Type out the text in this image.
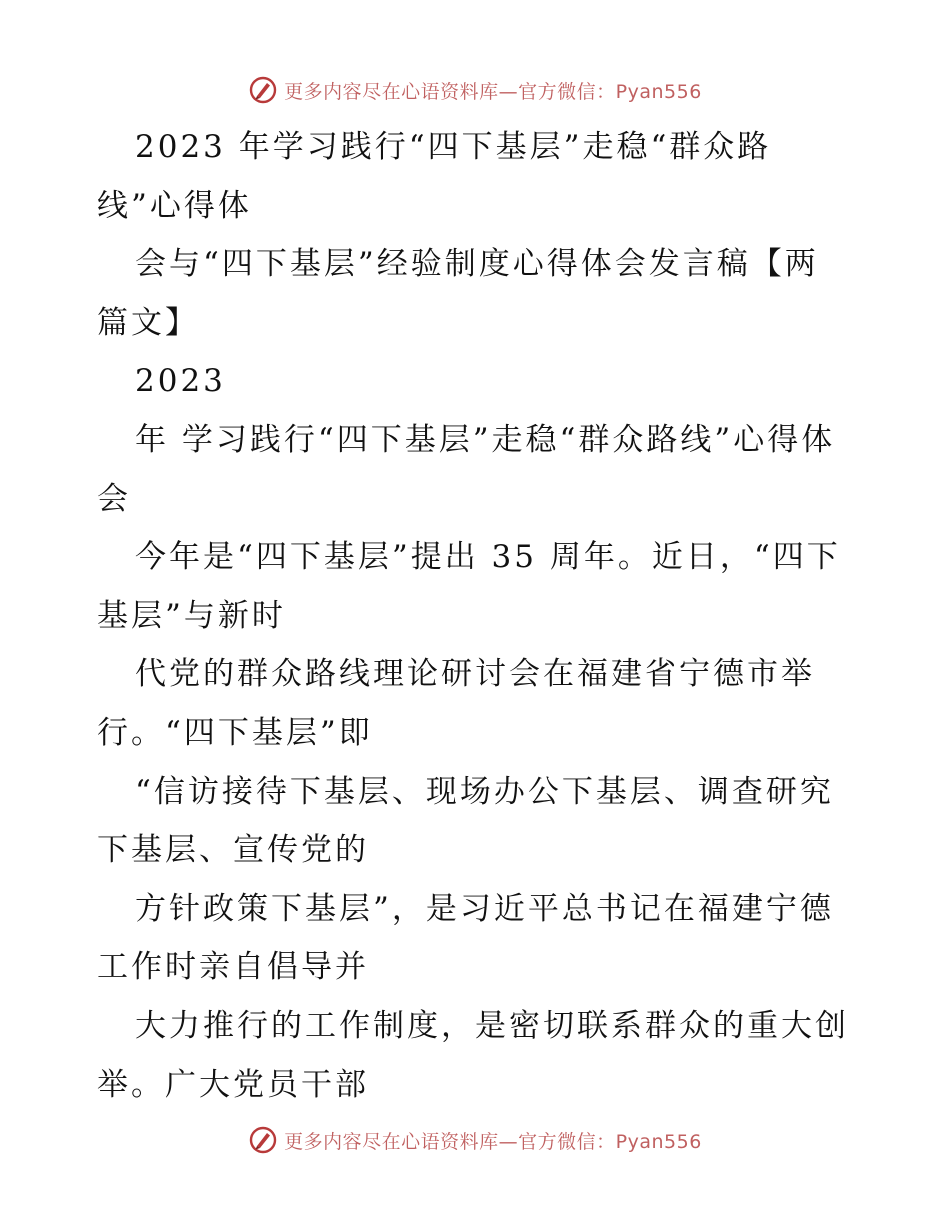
更多内容尽在心语资料库—官方微信：Pyan556

2023 年学习践行“四下基层”走稳“群众路线”心得体

会与“四下基层”经验制度心得体会发言稿【两篇文】

2023

年 学习践行“四下基层”走稳“群众路线”心得体会

今年是“四下基层”提出 35 周年。近日，“四下基层”与新时

代党的群众路线理论研讨会在福建省宁德市举行。“四下基层”即

“信访接待下基层、现场办公下基层、调查研究下基层、宣传党的

方针政策下基层”，是习近平总书记在福建宁德工作时亲自倡导并

大力推行的工作制度，是密切联系群众的重大创举。广大党员干部

更多内容尽在心语资料库—官方微信：Pyan556
